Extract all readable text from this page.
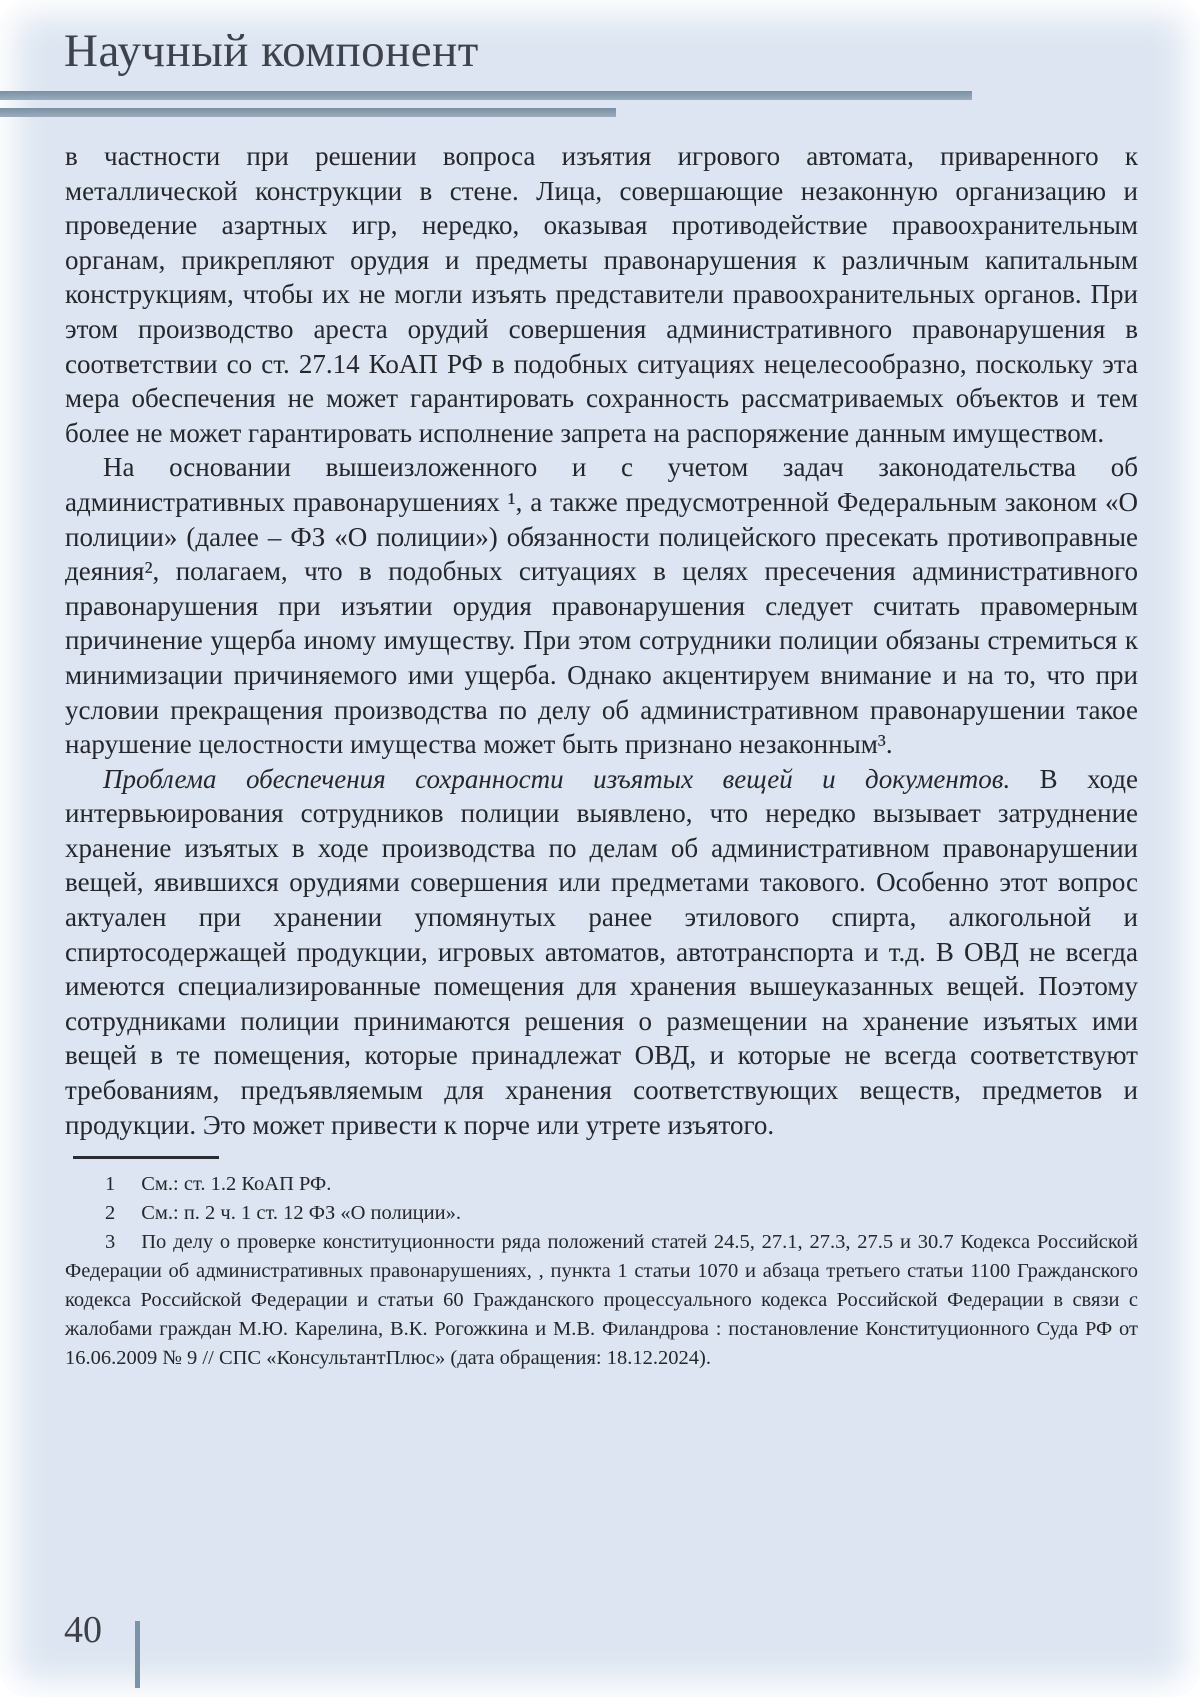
Научный компонент

в частности при решении вопроса изъятия игрового автомата, приваренного к металлической конструкции в стене. Лица, совершающие незаконную организацию и проведение азартных игр, нередко, оказывая противодействие правоохранительным органам, прикрепляют орудия и предметы правонарушения к различным капитальным конструкциям, чтобы их не могли изъять представители правоохранительных органов. При этом производство ареста орудий совершения административного правонарушения в соответствии со ст. 27.14 КоАП РФ в подобных ситуациях нецелесообразно, поскольку эта мера обеспечения не может гарантировать сохранность рассматриваемых объектов и тем более не может гарантировать исполнение запрета на распоряжение данным имуществом.

На основании вышеизложенного и с учетом задач законодательства об административных правонарушениях ¹, а также предусмотренной Федеральным законом «О полиции» (далее – ФЗ «О полиции») обязанности полицейского пресекать противоправные деяния², полагаем, что в подобных ситуациях в целях пресечения административного правонарушения при изъятии орудия правонарушения следует считать правомерным причинение ущерба иному имуществу. При этом сотрудники полиции обязаны стремиться к минимизации причиняемого ими ущерба. Однако акцентируем внимание и на то, что при условии прекращения производства по делу об административном правонарушении такое нарушение целостности имущества может быть признано незаконным³.

Проблема обеспечения сохранности изъятых вещей и документов. В ходе интервьюирования сотрудников полиции выявлено, что нередко вызывает затруднение хранение изъятых в ходе производства по делам об административном правонарушении вещей, явившихся орудиями совершения или предметами такового. Особенно этот вопрос актуален при хранении упомянутых ранее этилового спирта, алкогольной и спиртосодержащей продукции, игровых автоматов, автотранспорта и т.д. В ОВД не всегда имеются специализированные помещения для хранения вышеуказанных вещей. Поэтому сотрудниками полиции принимаются решения о размещении на хранение изъятых ими вещей в те помещения, которые принадлежат ОВД, и которые не всегда соответствуют требованиям, предъявляемым для хранения соответствующих веществ, предметов и продукции. Это может привести к порче или утрете изъятого.

1 См.: ст. 1.2 КоАП РФ.

2 См.: п. 2 ч. 1 ст. 12 ФЗ «О полиции».

3 По делу о проверке конституционности ряда положений статей 24.5, 27.1, 27.3, 27.5 и 30.7 Кодекса Российской Федерации об административных правонарушениях, , пункта 1 статьи 1070 и абзаца третьего статьи 1100 Гражданского кодекса Российской Федерации и статьи 60 Гражданского процессуального кодекса Российской Федерации в связи с жалобами граждан М.Ю. Карелина, В.К. Рогожкина и М.В. Филандрова : постановление Конституционного Суда РФ от 16.06.2009 № 9 // СПС «КонсультантПлюс» (дата обращения: 18.12.2024).

40
